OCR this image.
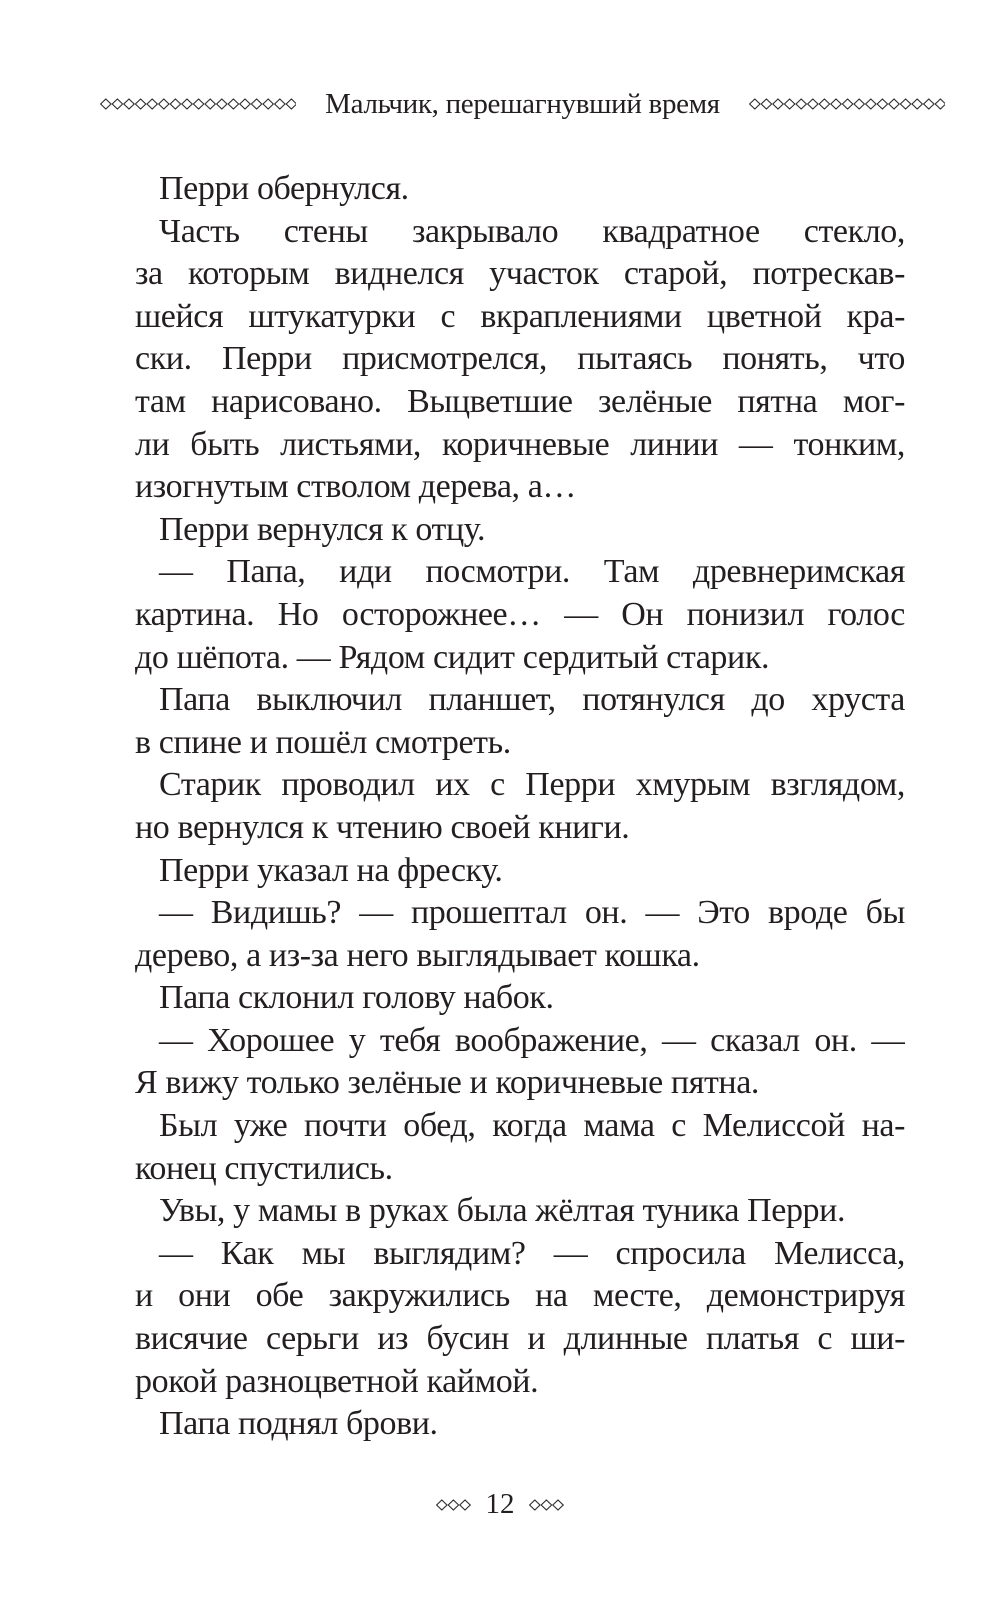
Мальчик, перешагнувший время
Перри обернулся.
Часть стены закрывало квадратное стекло,
за которым виднелся участок старой, потрескав-
шейся штукатурки с вкраплениями цветной кра-
ски. Перри присмотрелся, пытаясь понять, что
там нарисовано. Выцветшие зелёные пятна мог-
ли быть листьями, коричневые линии — тонким,
изогнутым стволом дерева, а…
Перри вернулся к отцу.
— Папа, иди посмотри. Там древнеримская
картина. Но осторожнее… — Он понизил голос
до шёпота. — Рядом сидит сердитый старик.
Папа выключил планшет, потянулся до хруста
в спине и пошёл смотреть.
Старик проводил их с Перри хмурым взглядом,
но вернулся к чтению своей книги.
Перри указал на фреску.
— Видишь? — прошептал он. — Это вроде бы
дерево, а из-за него выглядывает кошка.
Папа склонил голову набок.
— Хорошее у тебя воображение, — сказал он. —
Я вижу только зелёные и коричневые пятна.
Был уже почти обед, когда мама с Мелиссой на-
конец спустились.
Увы, у мамы в руках была жёлтая туника Перри.
— Как мы выглядим? — спросила Мелисса,
и они обе закружились на месте, демонстрируя
висячие серьги из бусин и длинные платья с ши-
рокой разноцветной каймой.
Папа поднял брови.
12
